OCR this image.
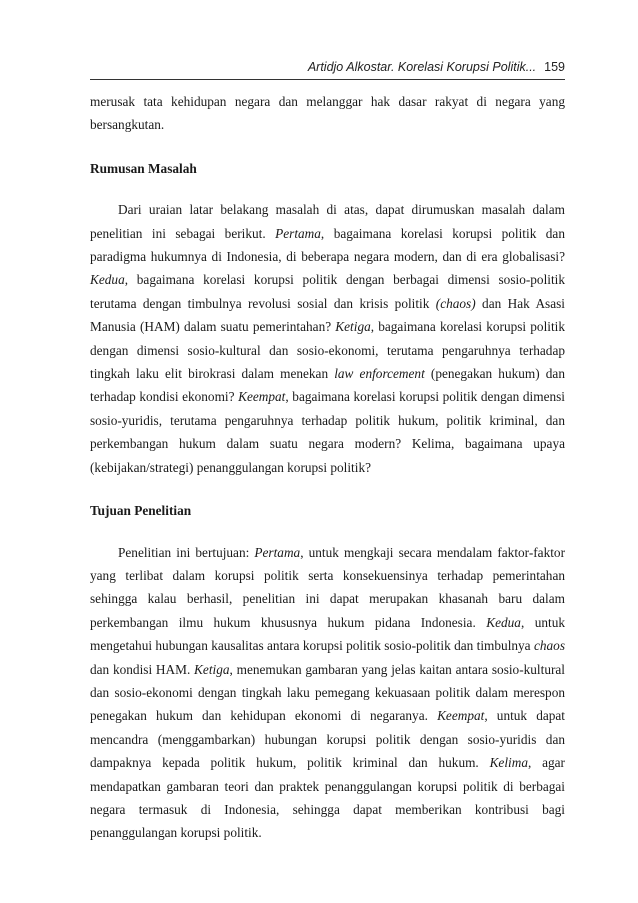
Artidjo Alkostar. Korelasi Korupsi Politik... 159

merusak tata kehidupan negara dan melanggar hak dasar rakyat di negara yang bersangkutan.

Rumusan Masalah

Dari uraian latar belakang masalah di atas, dapat dirumuskan masalah dalam penelitian ini sebagai berikut. Pertama, bagaimana korelasi korupsi politik dan paradigma hukumnya di Indonesia, di beberapa negara modern, dan di era globalisasi? Kedua, bagaimana korelasi korupsi politik dengan berbagai dimensi sosio-politik terutama dengan timbulnya revolusi sosial dan krisis politik (chaos) dan Hak Asasi Manusia (HAM) dalam suatu pemerintahan? Ketiga, bagaimana korelasi korupsi politik dengan dimensi sosio-kultural dan sosio-ekonomi, terutama pengaruhnya terhadap tingkah laku elit birokrasi dalam menekan law enforcement (penegakan hukum) dan terhadap kondisi ekonomi? Keempat, bagaimana korelasi korupsi politik dengan dimensi sosio-yuridis, terutama pengaruhnya terhadap politik hukum, politik kriminal, dan perkembangan hukum dalam suatu negara modern? Kelima, bagaimana upaya (kebijakan/strategi) penanggulangan korupsi politik?

Tujuan Penelitian

Penelitian ini bertujuan: Pertama, untuk mengkaji secara mendalam faktor-faktor yang terlibat dalam korupsi politik serta konsekuensinya terhadap pemerintahan sehingga kalau berhasil, penelitian ini dapat merupakan khasanah baru dalam perkembangan ilmu hukum khususnya hukum pidana Indonesia. Kedua, untuk mengetahui hubungan kausalitas antara korupsi politik sosio-politik dan timbulnya chaos dan kondisi HAM. Ketiga, menemukan gambaran yang jelas kaitan antara sosio-kultural dan sosio-ekonomi dengan tingkah laku pemegang kekuasaan politik dalam merespon penegakan hukum dan kehidupan ekonomi di negaranya. Keempat, untuk dapat mencandra (menggambarkan) hubungan korupsi politik dengan sosio-yuridis dan dampaknya kepada politik hukum, politik kriminal dan hukum. Kelima, agar mendapatkan gambaran teori dan praktek penanggulangan korupsi politik di berbagai negara termasuk di Indonesia, sehingga dapat memberikan kontribusi bagi penanggulangan korupsi politik.
